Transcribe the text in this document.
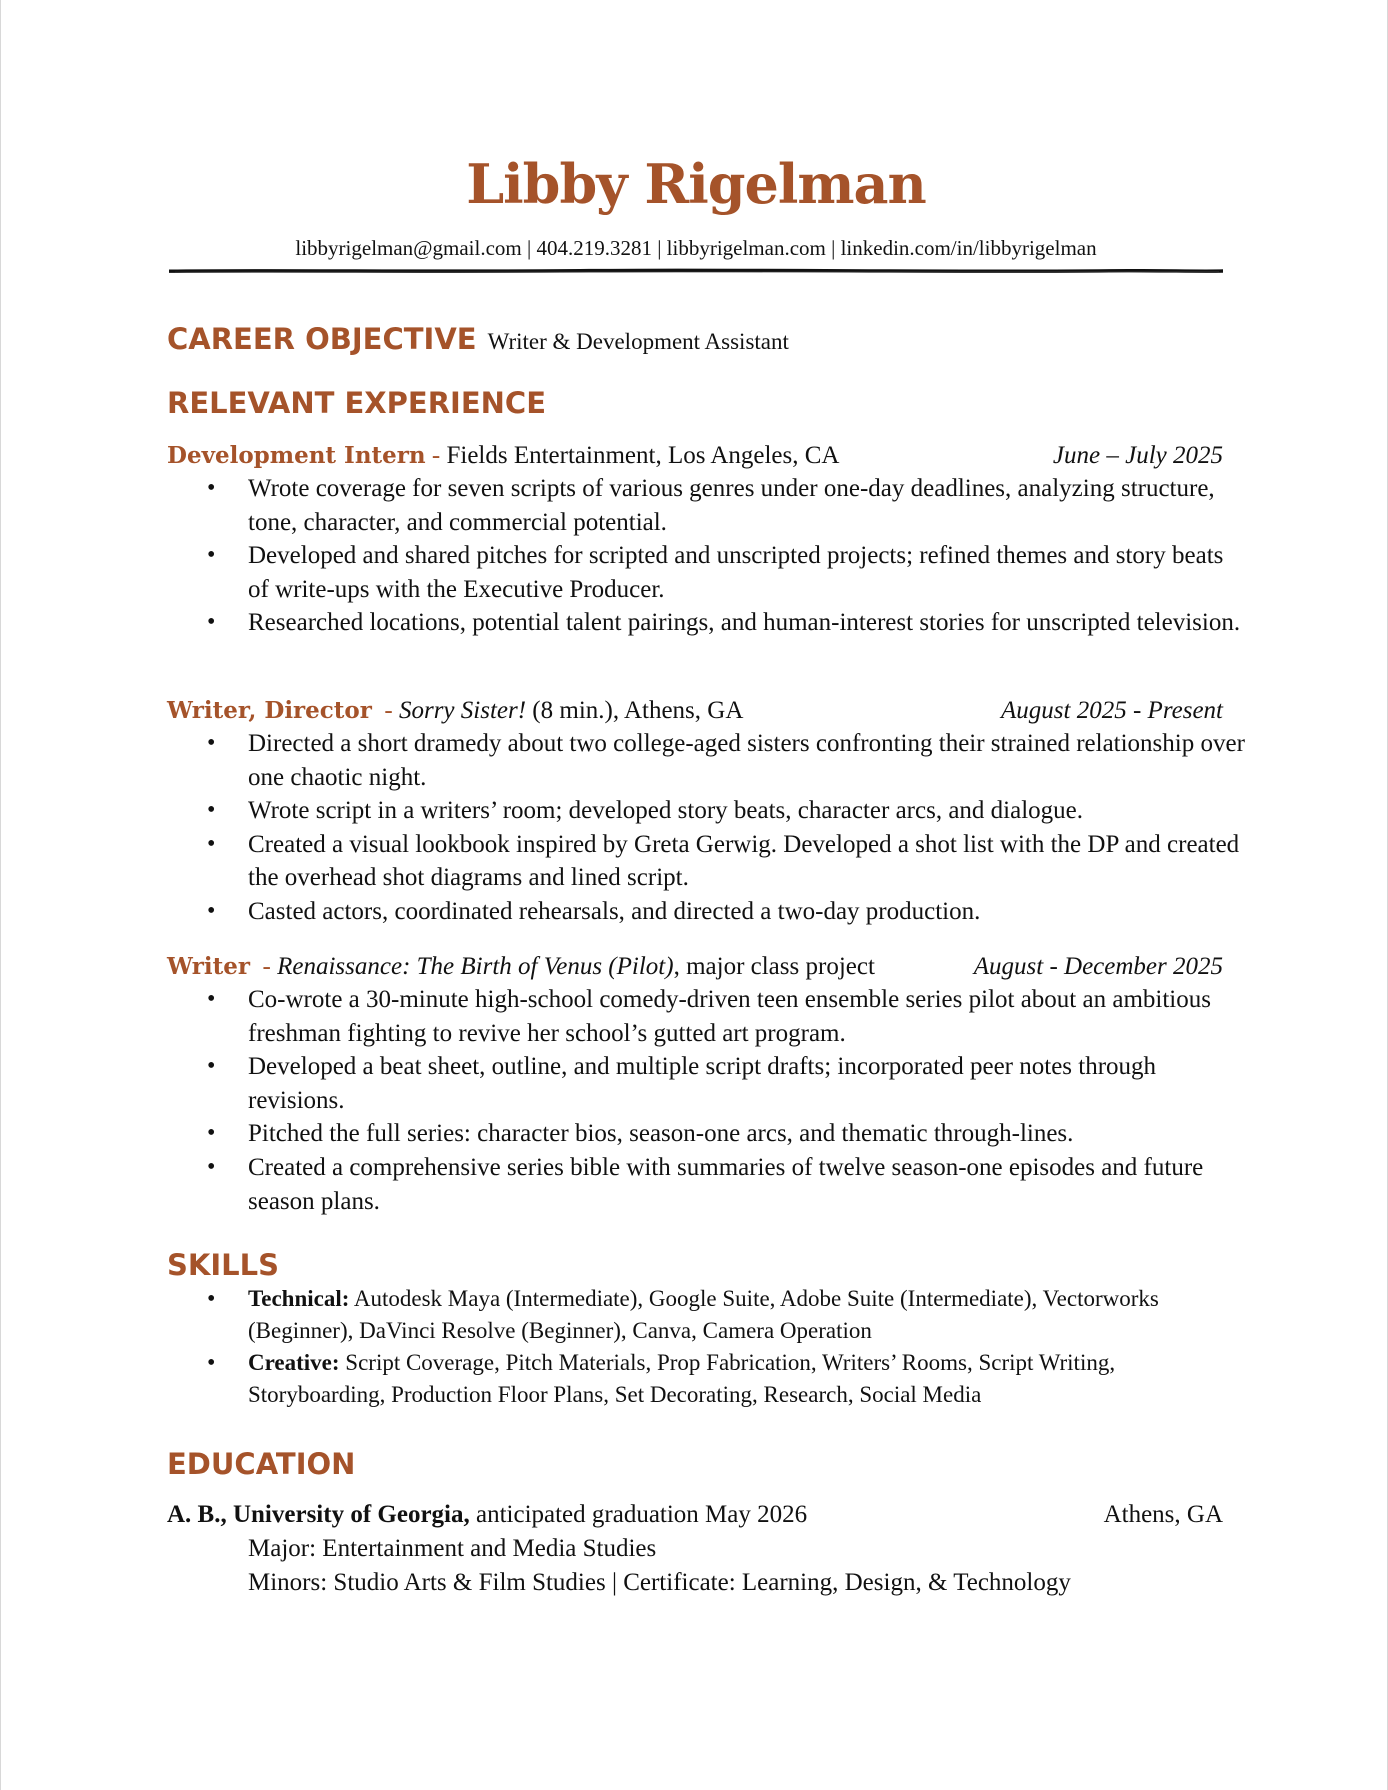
Libby Rigelman
libbyrigelman@gmail.com | 404.219.3281 | libbyrigelman.com | linkedin.com/in/libbyrigelman
CAREER OBJECTIVE Writer & Development Assistant
RELEVANT EXPERIENCE
Development Intern - Fields Entertainment, Los Angeles, CA	June – July 2025
• Wrote coverage for seven scripts of various genres under one-day deadlines, analyzing structure, tone, character, and commercial potential.
• Developed and shared pitches for scripted and unscripted projects; refined themes and story beats of write-ups with the Executive Producer.
• Researched locations, potential talent pairings, and human-interest stories for unscripted television.
Writer, Director  - Sorry Sister! (8 min.), Athens, GA	August 2025 - Present
• Directed a short dramedy about two college-aged sisters confronting their strained relationship over one chaotic night.
• Wrote script in a writers’ room; developed story beats, character arcs, and dialogue.
• Created a visual lookbook inspired by Greta Gerwig. Developed a shot list with the DP and created the overhead shot diagrams and lined script.
• Casted actors, coordinated rehearsals, and directed a two-day production.
Writer  - Renaissance: The Birth of Venus (Pilot), major class project	August - December 2025
• Co-wrote a 30-minute high-school comedy-driven teen ensemble series pilot about an ambitious freshman fighting to revive her school’s gutted art program.
• Developed a beat sheet, outline, and multiple script drafts; incorporated peer notes through revisions.
• Pitched the full series: character bios, season-one arcs, and thematic through-lines.
• Created a comprehensive series bible with summaries of twelve season-one episodes and future season plans.
SKILLS
• Technical: Autodesk Maya (Intermediate), Google Suite, Adobe Suite (Intermediate), Vectorworks (Beginner), DaVinci Resolve (Beginner), Canva, Camera Operation
• Creative: Script Coverage, Pitch Materials, Prop Fabrication, Writers’ Rooms, Script Writing, Storyboarding, Production Floor Plans, Set Decorating, Research, Social Media
EDUCATION
A. B., University of Georgia, anticipated graduation May 2026	Athens, GA
Major: Entertainment and Media Studies
Minors: Studio Arts & Film Studies | Certificate: Learning, Design, & Technology
